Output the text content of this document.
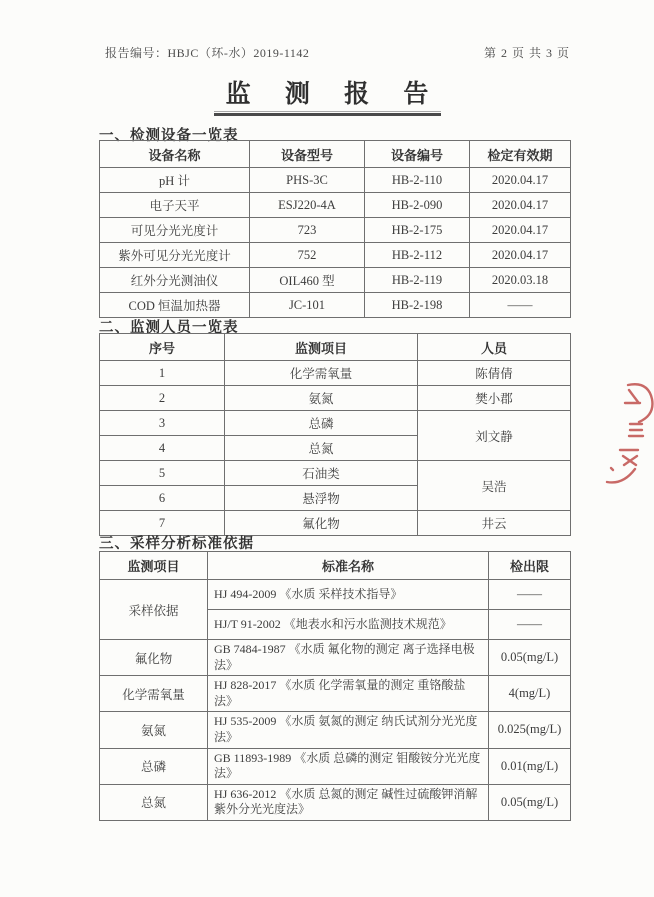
报告编号：HBJC（环-水）2019-1142	第 2 页 共 3 页
监 测 报 告
一、检测设备一览表
设备名称	设备型号	设备编号	检定有效期
pH 计	PHS-3C	HB-2-110	2020.04.17
电子天平	ESJ220-4A	HB-2-090	2020.04.17
可见分光光度计	723	HB-2-175	2020.04.17
紫外可见分光光度计	752	HB-2-112	2020.04.17
红外分光测油仪	OIL460 型	HB-2-119	2020.03.18
COD 恒温加热器	JC-101	HB-2-198	——
二、监测人员一览表
序号	监测项目	人员
1	化学需氧量	陈倩倩
2	氨氮	樊小郡
3	总磷	刘文静
4	总氮	
5	石油类	吴浩
6	悬浮物	
7	氟化物	井云
三、采样分析标准依据
监测项目	标准名称	检出限
采样依据	HJ 494-2009 《水质 采样技术指导》	——
	HJ/T 91-2002 《地表水和污水监测技术规范》	——
氟化物	GB 7484-1987 《水质 氟化物的测定 离子选择电极法》	0.05(mg/L)
化学需氧量	HJ 828-2017 《水质 化学需氧量的测定 重铬酸盐法》	4(mg/L)
氨氮	HJ 535-2009 《水质 氨氮的测定 纳氏试剂分光光度法》	0.025(mg/L)
总磷	GB 11893-1989 《水质 总磷的测定 钼酸铵分光光度法》	0.01(mg/L)
总氮	HJ 636-2012 《水质 总氮的测定 碱性过硫酸钾消解紫外分光光度法》	0.05(mg/L)
